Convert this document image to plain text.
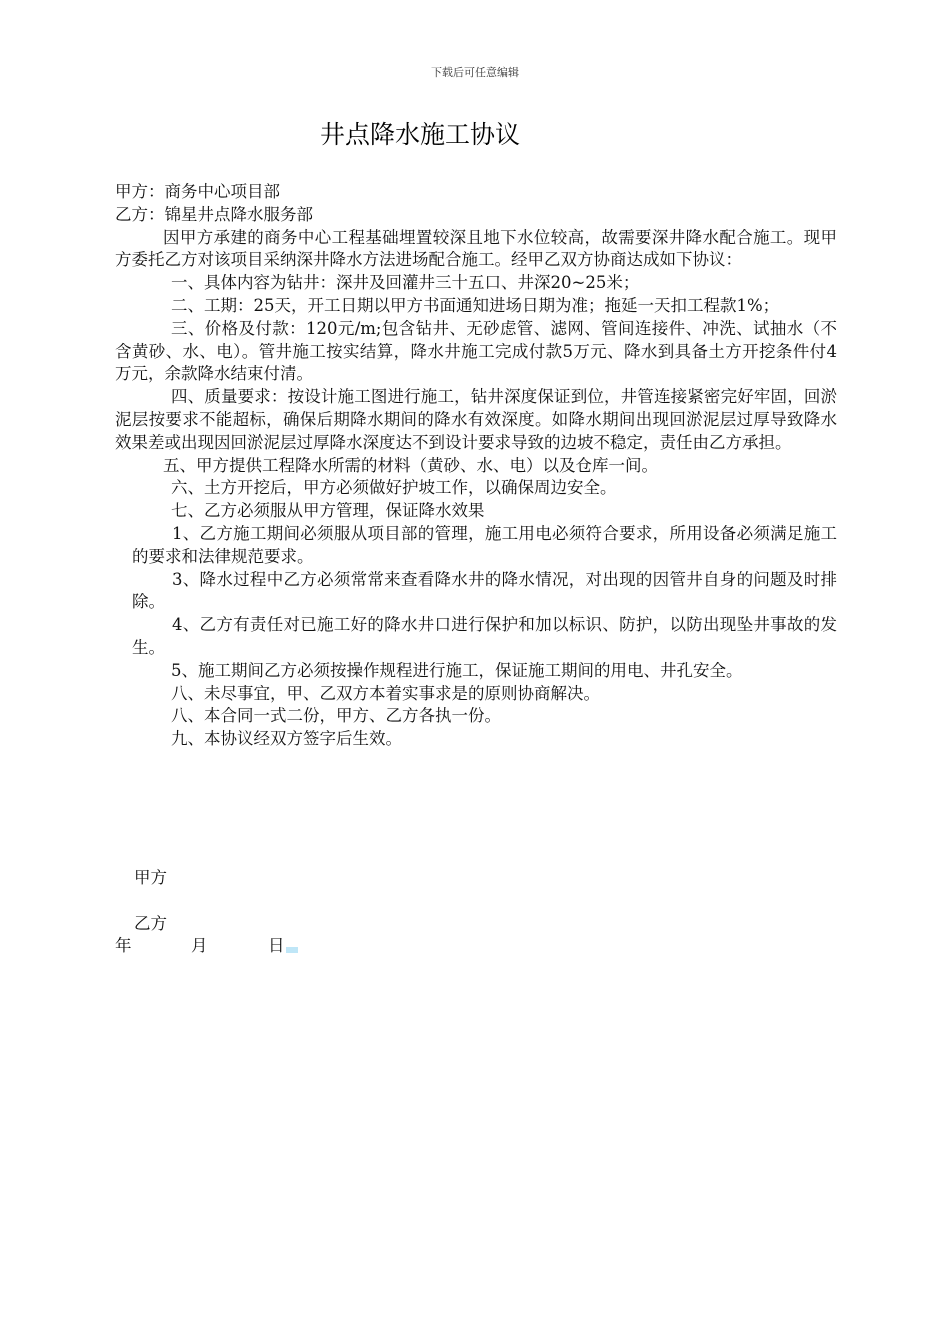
下载后可任意编辑
井点降水施工协议

甲方：商务中心项目部

乙方：锦星井点降水服务部

因甲方承建的商务中心工程基础埋置较深且地下水位较高，故需要深井降水配合施工。现甲方委托乙方对该项目采纳深井降水方法进场配合施工。经甲乙双方协商达成如下协议：

一、具体内容为钻井：深井及回灌井三十五口、井深20~25米；

二、工期：25天，开工日期以甲方书面通知进场日期为准；拖延一天扣工程款1%；

三、价格及付款：120元/m;包含钻井、无砂虑管、滤网、管间连接件、冲洗、试抽水（不含黄砂、水、电）。管井施工按实结算，降水井施工完成付款5万元、降水到具备土方开挖条件付4万元，余款降水结束付清。

四、质量要求：按设计施工图进行施工，钻井深度保证到位，井管连接紧密完好牢固，回淤泥层按要求不能超标，确保后期降水期间的降水有效深度。如降水期间出现回淤泥层过厚导致降水效果差或出现因回淤泥层过厚降水深度达不到设计要求导致的边坡不稳定，责任由乙方承担。

五、甲方提供工程降水所需的材料（黄砂、水、电）以及仓库一间。

六、土方开挖后，甲方必须做好护坡工作，以确保周边安全。

七、乙方必须服从甲方管理，保证降水效果

1、乙方施工期间必须服从项目部的管理，施工用电必须符合要求，所用设备必须满足施工的要求和法律规范要求。

3、降水过程中乙方必须常常来查看降水井的降水情况，对出现的因管井自身的问题及时排除。

4、乙方有责任对已施工好的降水井口进行保护和加以标识、防护，以防出现坠井事故的发生。

5、施工期间乙方必须按操作规程进行施工，保证施工期间的用电、井孔安全。

八、未尽事宜，甲、乙双方本着实事求是的原则协商解决。

八、本合同一式二份，甲方、乙方各执一份。

九、本协议经双方签字后生效。

甲方
乙方
年	月	日
